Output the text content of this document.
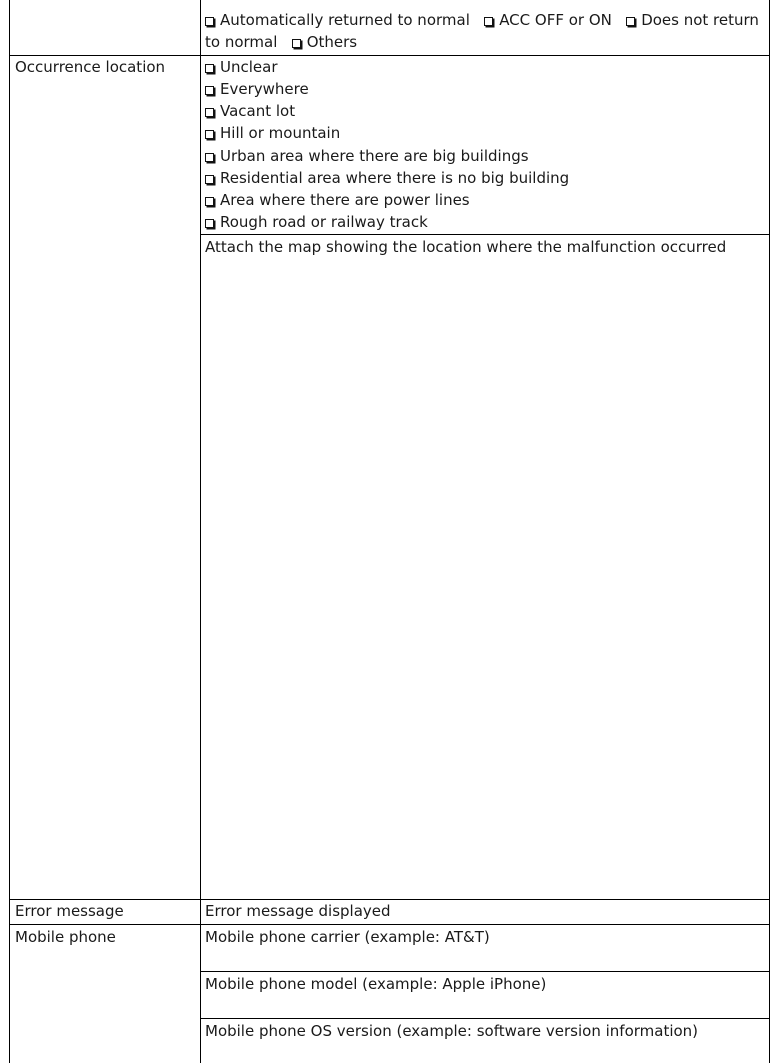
Automatically returned to normal ACC OFF or ON Does not return
to normal Others
Occurrence location	Unclear
Everywhere
Vacant lot
Hill or mountain
Urban area where there are big buildings
Residential area where there is no big building
Area where there are power lines
Rough road or railway track
Attach the map showing the location where the malfunction occurred
Error message	Error message displayed
Mobile phone	Mobile phone carrier (example: AT&T)
Mobile phone model (example: Apple iPhone)
Mobile phone OS version (example: software version information)
